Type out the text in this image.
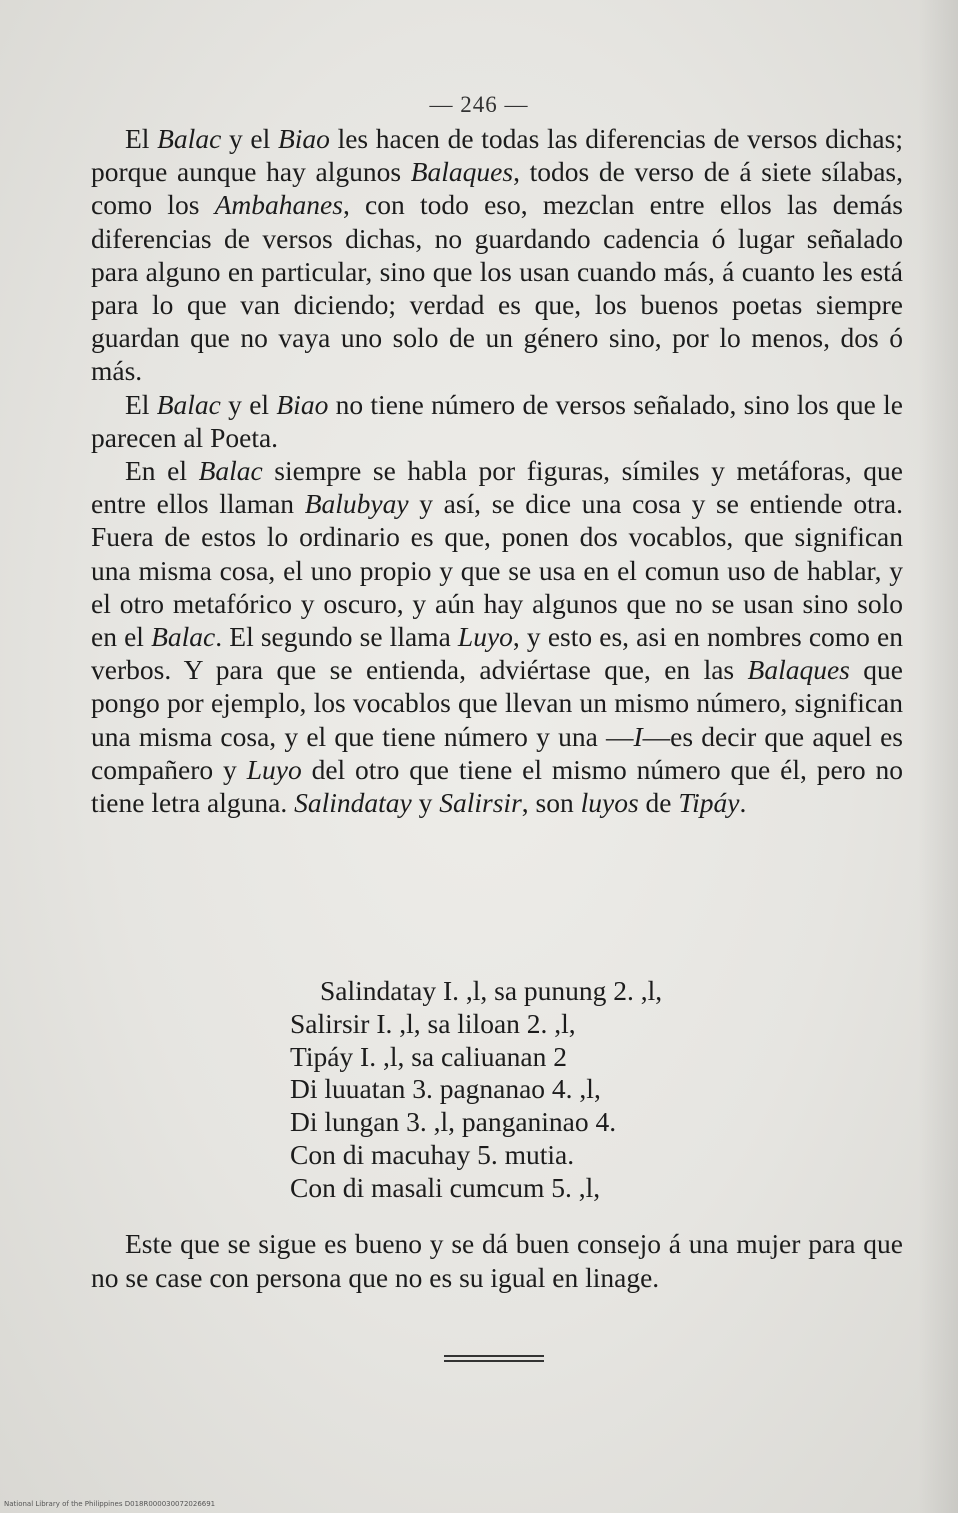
— 246 —

El Balac y el Biao les hacen de todas las diferencias de versos dichas; porque aunque hay algunos Balaques, todos de verso de á siete sílabas, como los Ambahanes, con todo eso, mezclan entre ellos las demás diferencias de versos dichas, no guardando cadencia ó lugar señalado para alguno en particular, sino que los usan cuando más, á cuanto les está para lo que van diciendo; verdad es que, los buenos poetas siempre guardan que no vaya uno solo de un género sino, por lo menos, dos ó más.

El Balac y el Biao no tiene número de versos señalado, sino los que le parecen al Poeta.

En el Balac siempre se habla por figuras, símiles y metáforas, que entre ellos llaman Balubyay y así, se dice una cosa y se entiende otra. Fuera de estos lo ordinario es que, ponen dos vocablos, que significan una misma cosa, el uno propio y que se usa en el comun uso de hablar, y el otro metafórico y oscuro, y aún hay algunos que no se usan sino solo en el Balac. El segundo se llama Luyo, y esto es, asi en nombres como en verbos. Y para que se entienda, adviértase que, en las Balaques que pongo por ejemplo, los vocablos que llevan un mismo número, significan una misma cosa, y el que tiene número y una —I—es decir que aquel es compañero y Luyo del otro que tiene el mismo número que él, pero no tiene letra alguna. Salindatay y Salirsir, son luyos de Tipáy.

Salindatay I. ,l, sa punung 2. ,l,
Salirsir I. ,l, sa liloan 2. ,l,
Tipáy I. ,l, sa caliuanan 2
Di luuatan 3. pagnanao 4. ,l,
Di lungan 3. ,l, panganinao 4.
Con di macuhay 5. mutia.
Con di masali cumcum 5. ,l,

Este que se sigue es bueno y se dá buen consejo á una mujer para que no se case con persona que no es su igual en linage.

National Library of the Philippines D018R000030072026691
